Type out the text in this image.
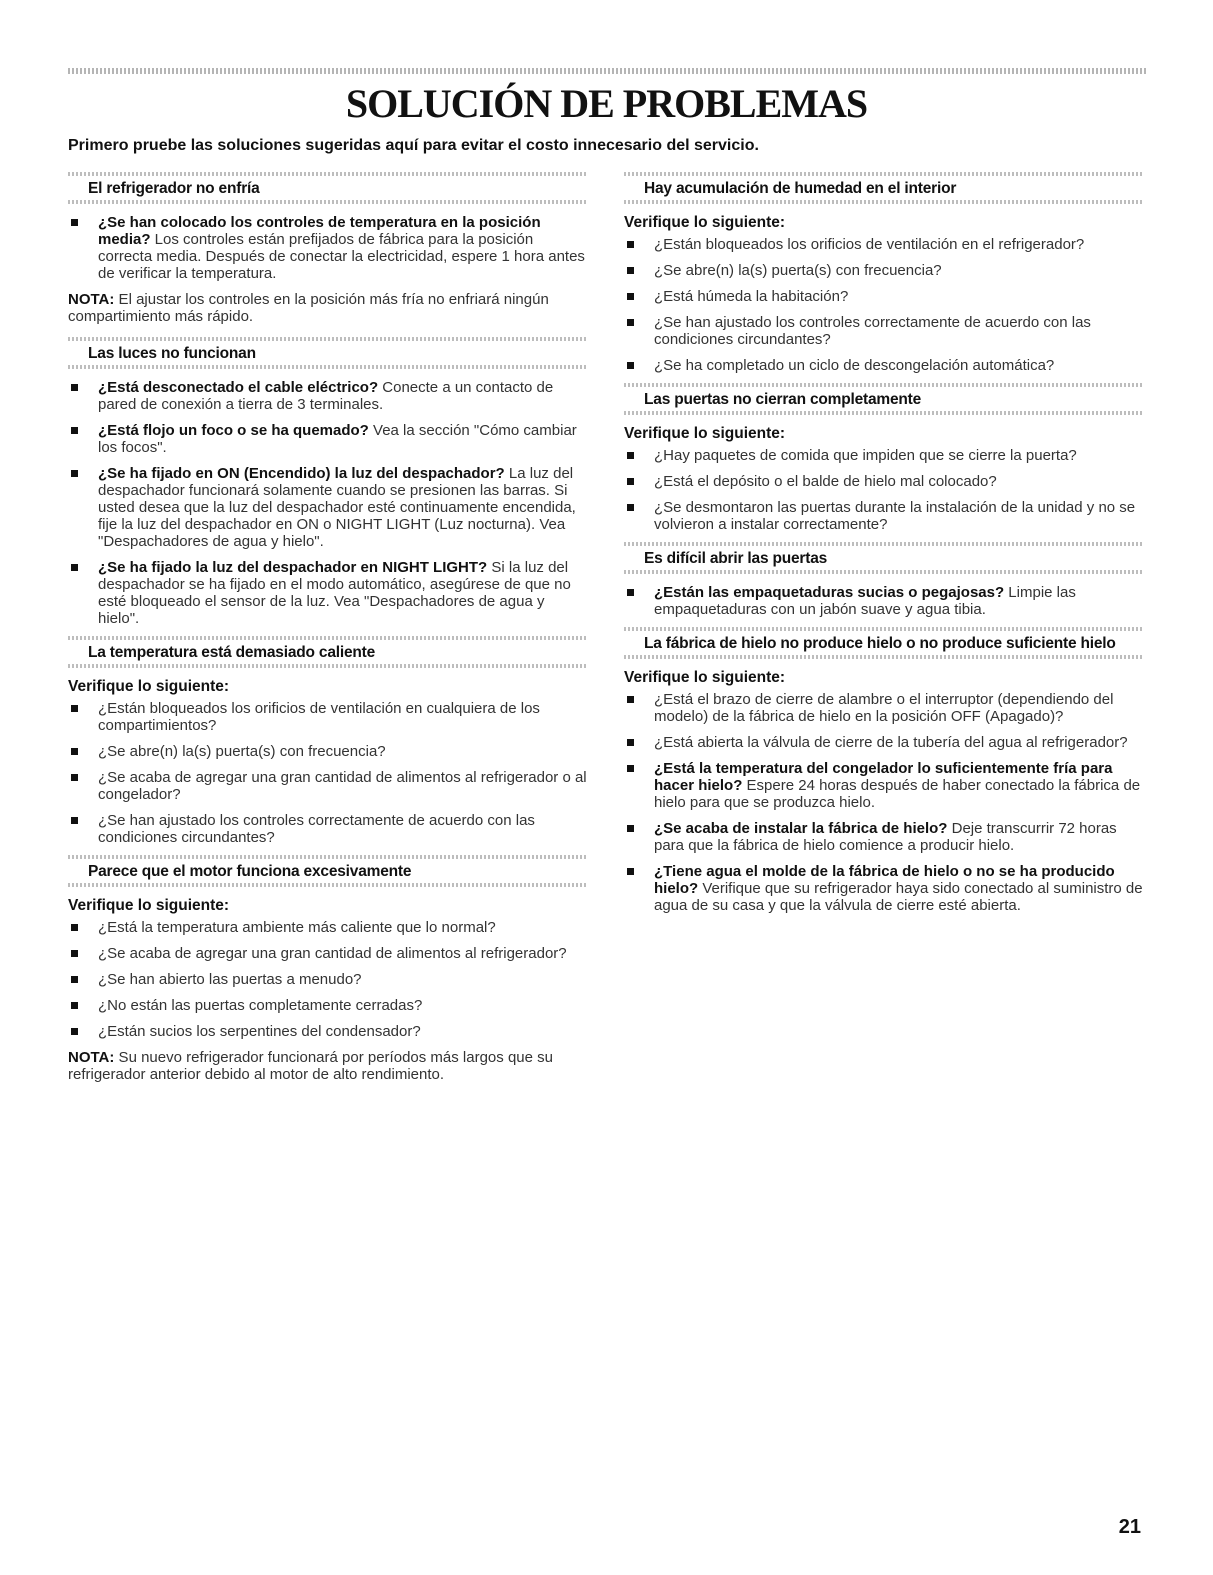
SOLUCIÓN DE PROBLEMAS

Primero pruebe las soluciones sugeridas aquí para evitar el costo innecesario del servicio.

El refrigerador no enfría
¿Se han colocado los controles de temperatura en la posición media? Los controles están prefijados de fábrica para la posición correcta media. Después de conectar la electricidad, espere 1 hora antes de verificar la temperatura.

NOTA: El ajustar los controles en la posición más fría no enfriará ningún compartimiento más rápido.

Las luces no funcionan
¿Está desconectado el cable eléctrico? Conecte a un contacto de pared de conexión a tierra de 3 terminales.
¿Está flojo un foco o se ha quemado? Vea la sección "Cómo cambiar los focos".
¿Se ha fijado en ON (Encendido) la luz del despachador? La luz del despachador funcionará solamente cuando se presionen las barras. Si usted desea que la luz del despachador esté continuamente encendida, fije la luz del despachador en ON o NIGHT LIGHT (Luz nocturna). Vea "Despachadores de agua y hielo".
¿Se ha fijado la luz del despachador en NIGHT LIGHT? Si la luz del despachador se ha fijado en el modo automático, asegúrese de que no esté bloqueado el sensor de la luz. Vea "Despachadores de agua y hielo".
La temperatura está demasiado caliente

Verifique lo siguiente:

¿Están bloqueados los orificios de ventilación en cualquiera de los compartimientos?
¿Se abre(n) la(s) puerta(s) con frecuencia?
¿Se acaba de agregar una gran cantidad de alimentos al refrigerador o al congelador?
¿Se han ajustado los controles correctamente de acuerdo con las condiciones circundantes?
Parece que el motor funciona excesivamente

Verifique lo siguiente:

¿Está la temperatura ambiente más caliente que lo normal?
¿Se acaba de agregar una gran cantidad de alimentos al refrigerador?
¿Se han abierto las puertas a menudo?
¿No están las puertas completamente cerradas?
¿Están sucios los serpentines del condensador?

NOTA: Su nuevo refrigerador funcionará por períodos más largos que su refrigerador anterior debido al motor de alto rendimiento.

Hay acumulación de humedad en el interior

Verifique lo siguiente:

¿Están bloqueados los orificios de ventilación en el refrigerador?
¿Se abre(n) la(s) puerta(s) con frecuencia?
¿Está húmeda la habitación?
¿Se han ajustado los controles correctamente de acuerdo con las condiciones circundantes?
¿Se ha completado un ciclo de descongelación automática?
Las puertas no cierran completamente

Verifique lo siguiente:

¿Hay paquetes de comida que impiden que se cierre la puerta?
¿Está el depósito o el balde de hielo mal colocado?
¿Se desmontaron las puertas durante la instalación de la unidad y no se volvieron a instalar correctamente?
Es difícil abrir las puertas
¿Están las empaquetaduras sucias o pegajosas? Limpie las empaquetaduras con un jabón suave y agua tibia.
La fábrica de hielo no produce hielo o no produce suficiente hielo

Verifique lo siguiente:

¿Está el brazo de cierre de alambre o el interruptor (dependiendo del modelo) de la fábrica de hielo en la posición OFF (Apagado)?
¿Está abierta la válvula de cierre de la tubería del agua al refrigerador?
¿Está la temperatura del congelador lo suficientemente fría para hacer hielo? Espere 24 horas después de haber conectado la fábrica de hielo para que se produzca hielo.
¿Se acaba de instalar la fábrica de hielo? Deje transcurrir 72 horas para que la fábrica de hielo comience a producir hielo.
¿Tiene agua el molde de la fábrica de hielo o no se ha producido hielo? Verifique que su refrigerador haya sido conectado al suministro de agua de su casa y que la válvula de cierre esté abierta.
21
